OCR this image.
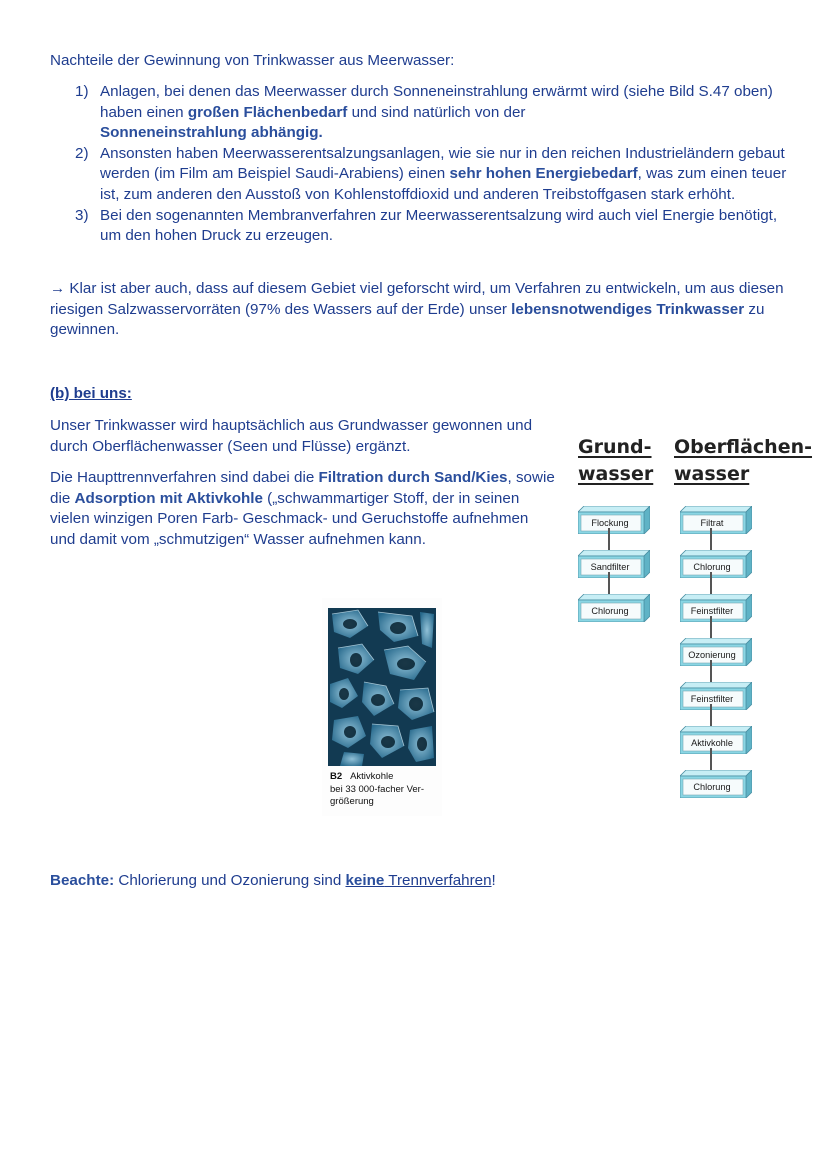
Nachteile der Gewinnung von Trinkwasser aus Meerwasser:
1) Anlagen, bei denen das Meerwasser durch Sonneneinstrahlung erwärmt wird (siehe Bild S.47 oben) haben einen großen Flächenbedarf und sind natürlich von der
Sonneneinstrahlung abhängig.
2) Ansonsten haben Meerwasserentsalzungsanlagen, wie sie nur in den reichen Industrieländern gebaut werden (im Film am Beispiel Saudi-Arabiens) einen sehr hohen Energiebedarf, was zum einen teuer ist, zum anderen den Ausstoß von Kohlenstoffdioxid und anderen Treibstoffgasen stark erhöht.
3) Bei den sogenannten Membranverfahren zur Meerwasserentsalzung wird auch viel Energie benötigt, um den hohen Druck zu erzeugen.
→ Klar ist aber auch, dass auf diesem Gebiet viel geforscht wird, um Verfahren zu entwickeln, um aus diesen riesigen Salzwasservorräten (97% des Wassers auf der Erde) unser lebensnotwendiges Trinkwasser zu gewinnen.
(b) bei uns:
Unser Trinkwasser wird hauptsächlich aus Grundwasser gewonnen und durch Oberflächenwasser (Seen und Flüsse) ergänzt.
Die Haupttrennverfahren sind dabei die Filtration durch Sand/Kies, sowie die Adsorption mit Aktivkohle („schwammartiger Stoff, der in seinen vielen winzigen Poren Farb- Geschmack- und Geruchstoffe aufnehmen und damit vom „schmutzigen“ Wasser aufnehmen kann.
B2 Aktivkohle
bei 33 000-facher Ver-
größerung
Grund-
wasser
Oberflächen-
wasser
Flockung
Sandfilter
Chlorung
Filtrat
Chlorung
Feinstfilter
Ozonierung
Feinstfilter
Aktivkohle
Chlorung
Beachte: Chlorierung und Ozonierung sind keine Trennverfahren!
